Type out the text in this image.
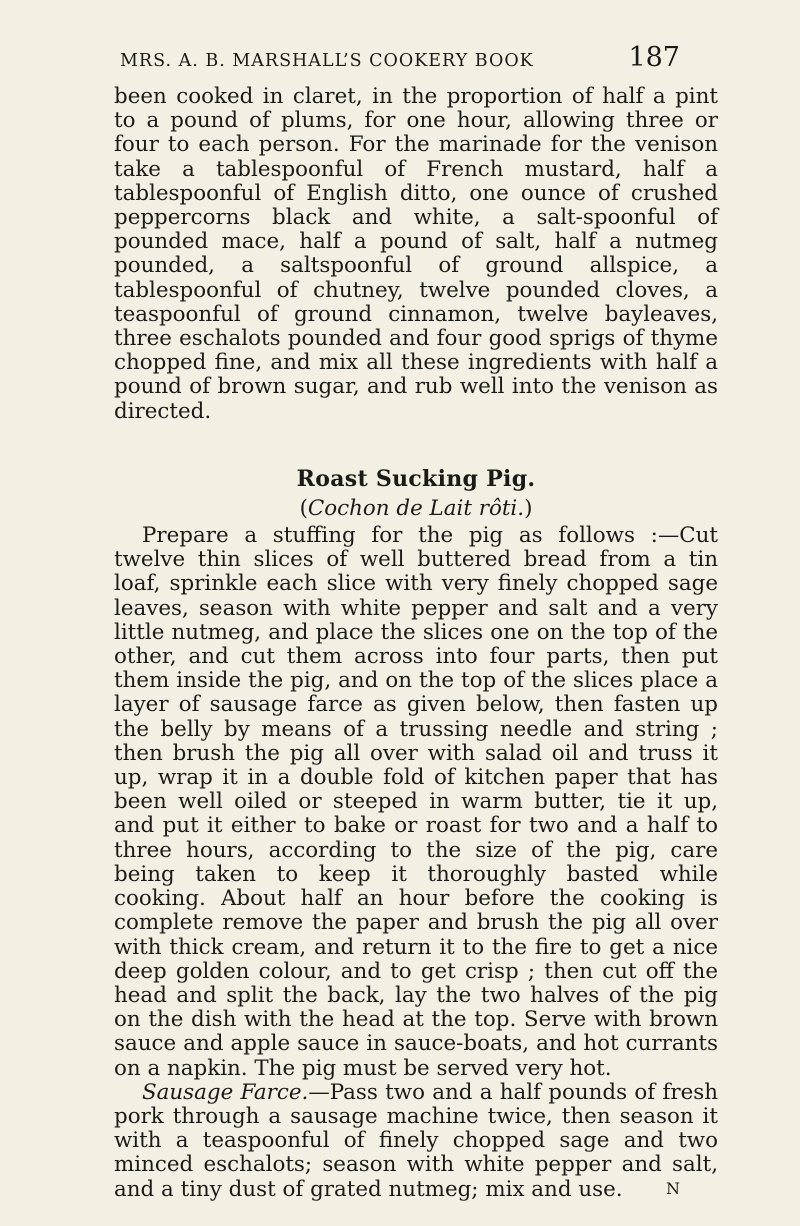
MRS. A. B. MARSHALL’S COOKERY BOOK	187

been cooked in claret, in the proportion of half a pint to a pound of plums, for one hour, allowing three or four to each person. For the marinade for the venison take a tablespoonful of French mustard, half a tablespoonful of English ditto, one ounce of crushed peppercorns black and white, a salt-spoonful of pounded mace, half a pound of salt, half a nutmeg pounded, a saltspoonful of ground allspice, a tablespoonful of chutney, twelve pounded cloves, a teaspoonful of ground cinnamon, twelve bayleaves, three eschalots pounded and four good sprigs of thyme chopped fine, and mix all these ingredients with half a pound of brown sugar, and rub well into the venison as directed.

Roast Sucking Pig.
(Cochon de Lait rôti.)

Prepare a stuffing for the pig as follows :—Cut twelve thin slices of well buttered bread from a tin loaf, sprinkle each slice with very finely chopped sage leaves, season with white pepper and salt and a very little nutmeg, and place the slices one on the top of the other, and cut them across into four parts, then put them inside the pig, and on the top of the slices place a layer of sausage farce as given below, then fasten up the belly by means of a trussing needle and string ; then brush the pig all over with salad oil and truss it up, wrap it in a double fold of kitchen paper that has been well oiled or steeped in warm butter, tie it up, and put it either to bake or roast for two and a half to three hours, according to the size of the pig, care being taken to keep it thoroughly basted while cooking. About half an hour before the cooking is complete remove the paper and brush the pig all over with thick cream, and return it to the fire to get a nice deep golden colour, and to get crisp ; then cut off the head and split the back, lay the two halves of the pig on the dish with the head at the top. Serve with brown sauce and apple sauce in sauce-boats, and hot currants on a napkin. The pig must be served very hot.

Sausage Farce.—Pass two and a half pounds of fresh pork through a sausage machine twice, then season it with a teaspoonful of finely chopped sage and two minced eschalots; season with white pepper and salt, and a tiny dust of grated nutmeg; mix and use.	N
